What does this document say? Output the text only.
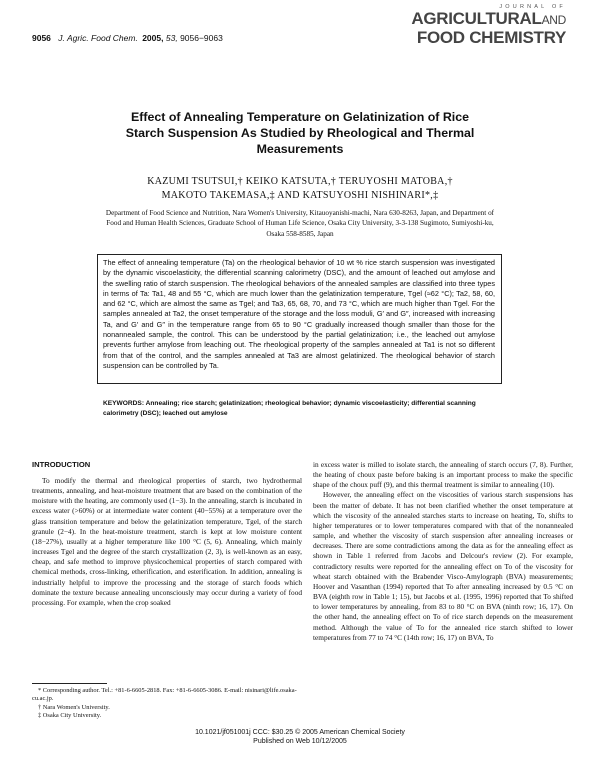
9056 J. Agric. Food Chem. 2005, 53, 9056−9063
JOURNAL OF
AGRICULTURALAND
FOOD CHEMISTRY
Effect of Annealing Temperature on Gelatinization of Rice Starch Suspension As Studied by Rheological and Thermal Measurements
KAZUMI TSUTSUI,† KEIKO KATSUTA,† TERUYOSHI MATOBA,†
MAKOTO TAKEMASA,‡ AND KATSUYOSHI NISHINARI*,‡
Department of Food Science and Nutrition, Nara Women's University, Kitauoyanishi-machi, Nara 630-8263, Japan, and Department of Food and Human Health Sciences, Graduate School of Human Life Science, Osaka City University, 3-3-138 Sugimoto, Sumiyoshi-ku, Osaka 558-8585, Japan

The effect of annealing temperature (Ta) on the rheological behavior of 10 wt % rice starch suspension was investigated by the dynamic viscoelasticity, the differential scanning calorimetry (DSC), and the amount of leached out amylose and the swelling ratio of starch suspension. The rheological behaviors of the annealed samples are classified into three types in terms of Ta: Ta1, 48 and 55 °C, which are much lower than the gelatinization temperature, Tgel (≈62 °C); Ta2, 58, 60, and 62 °C, which are almost the same as Tgel; and Ta3, 65, 68, 70, and 73 °C, which are much higher than Tgel. For the samples annealed at Ta2, the onset temperature of the storage and the loss moduli, G′ and G″, increased with increasing Ta, and G′ and G″ in the temperature range from 65 to 90 °C gradually increased though smaller than those for the nonannealed sample, the control. This can be understood by the partial gelatinization; i.e., the leached out amylose prevents further amylose from leaching out. The rheological property of the samples annealed at Ta1 is not so different from that of the control, and the samples annealed at Ta3 are almost gelatinized. The rheological behavior of starch suspension can be controlled by Ta.

KEYWORDS: Annealing; rice starch; gelatinization; rheological behavior; dynamic viscoelasticity; differential scanning calorimetry (DSC); leached out amylose
INTRODUCTION

To modify the thermal and rheological properties of starch, two hydrothermal treatments, annealing, and heat-moisture treatment that are based on the combination of the moisture with the heating, are commonly used (1−3). In the annealing, starch is incubated in excess water (>60%) or at intermediate water content (40−55%) at a temperature over the glass transition temperature and below the gelatinization temperature, Tgel, of the starch granule (2−4). In the heat-moisture treatment, starch is kept at low moisture content (18−27%), usually at a higher temperature like 100 °C (5, 6). Annealing, which mainly increases Tgel and the degree of the starch crystallization (2, 3), is well-known as an easy, cheap, and safe method to improve physicochemical properties of starch compared with chemical methods, cross-linking, etherification, and esterification. In addition, annealing is industrially helpful to improve the processing and the storage of starch foods which dominate the texture because annealing unconsciously may occur during a variety of food processing. For example, when the crop soaked

in excess water is milled to isolate starch, the annealing of starch occurs (7, 8). Further, the heating of choux paste before baking is an important process to make the specific shape of the choux puff (9), and this thermal treatment is similar to annealing (10).

However, the annealing effect on the viscosities of various starch suspensions has been the matter of debate. It has not been clarified whether the onset temperature at which the viscosity of the annealed starches starts to increase on heating, To, shifts to higher temperatures or to lower temperatures compared with that of the nonannealed sample, and whether the viscosity of starch suspension after annealing increases or decreases. There are some contradictions among the data as for the annealing effect as shown in Table 1 referred from Jacobs and Delcour's review (2). For example, contradictory results were reported for the annealing effect on To of the viscosity for wheat starch obtained with the Brabender Visco-Amylograph (BVA) measurements; Hoover and Vasanthan (1994) reported that To after annealing increased by 0.5 °C on BVA (eighth row in Table 1; 15), but Jacobs et al. (1995, 1996) reported that To shifted to lower temperatures by annealing, from 83 to 80 °C on BVA (ninth row; 16, 17). On the other hand, the annealing effect on To of rice starch depends on the measurement method. Although the value of To for the annealed rice starch shifted to lower temperatures from 77 to 74 °C (14th row; 16, 17) on BVA, To

* Corresponding author. Tel.: +81-6-6605-2818. Fax: +81-6-6605-3086. E-mail: nisinari@life.osaka-cu.ac.jp.
† Nara Women's University.
‡ Osaka City University.
10.1021/jf051001j CCC: $30.25 © 2005 American Chemical Society
Published on Web 10/12/2005
